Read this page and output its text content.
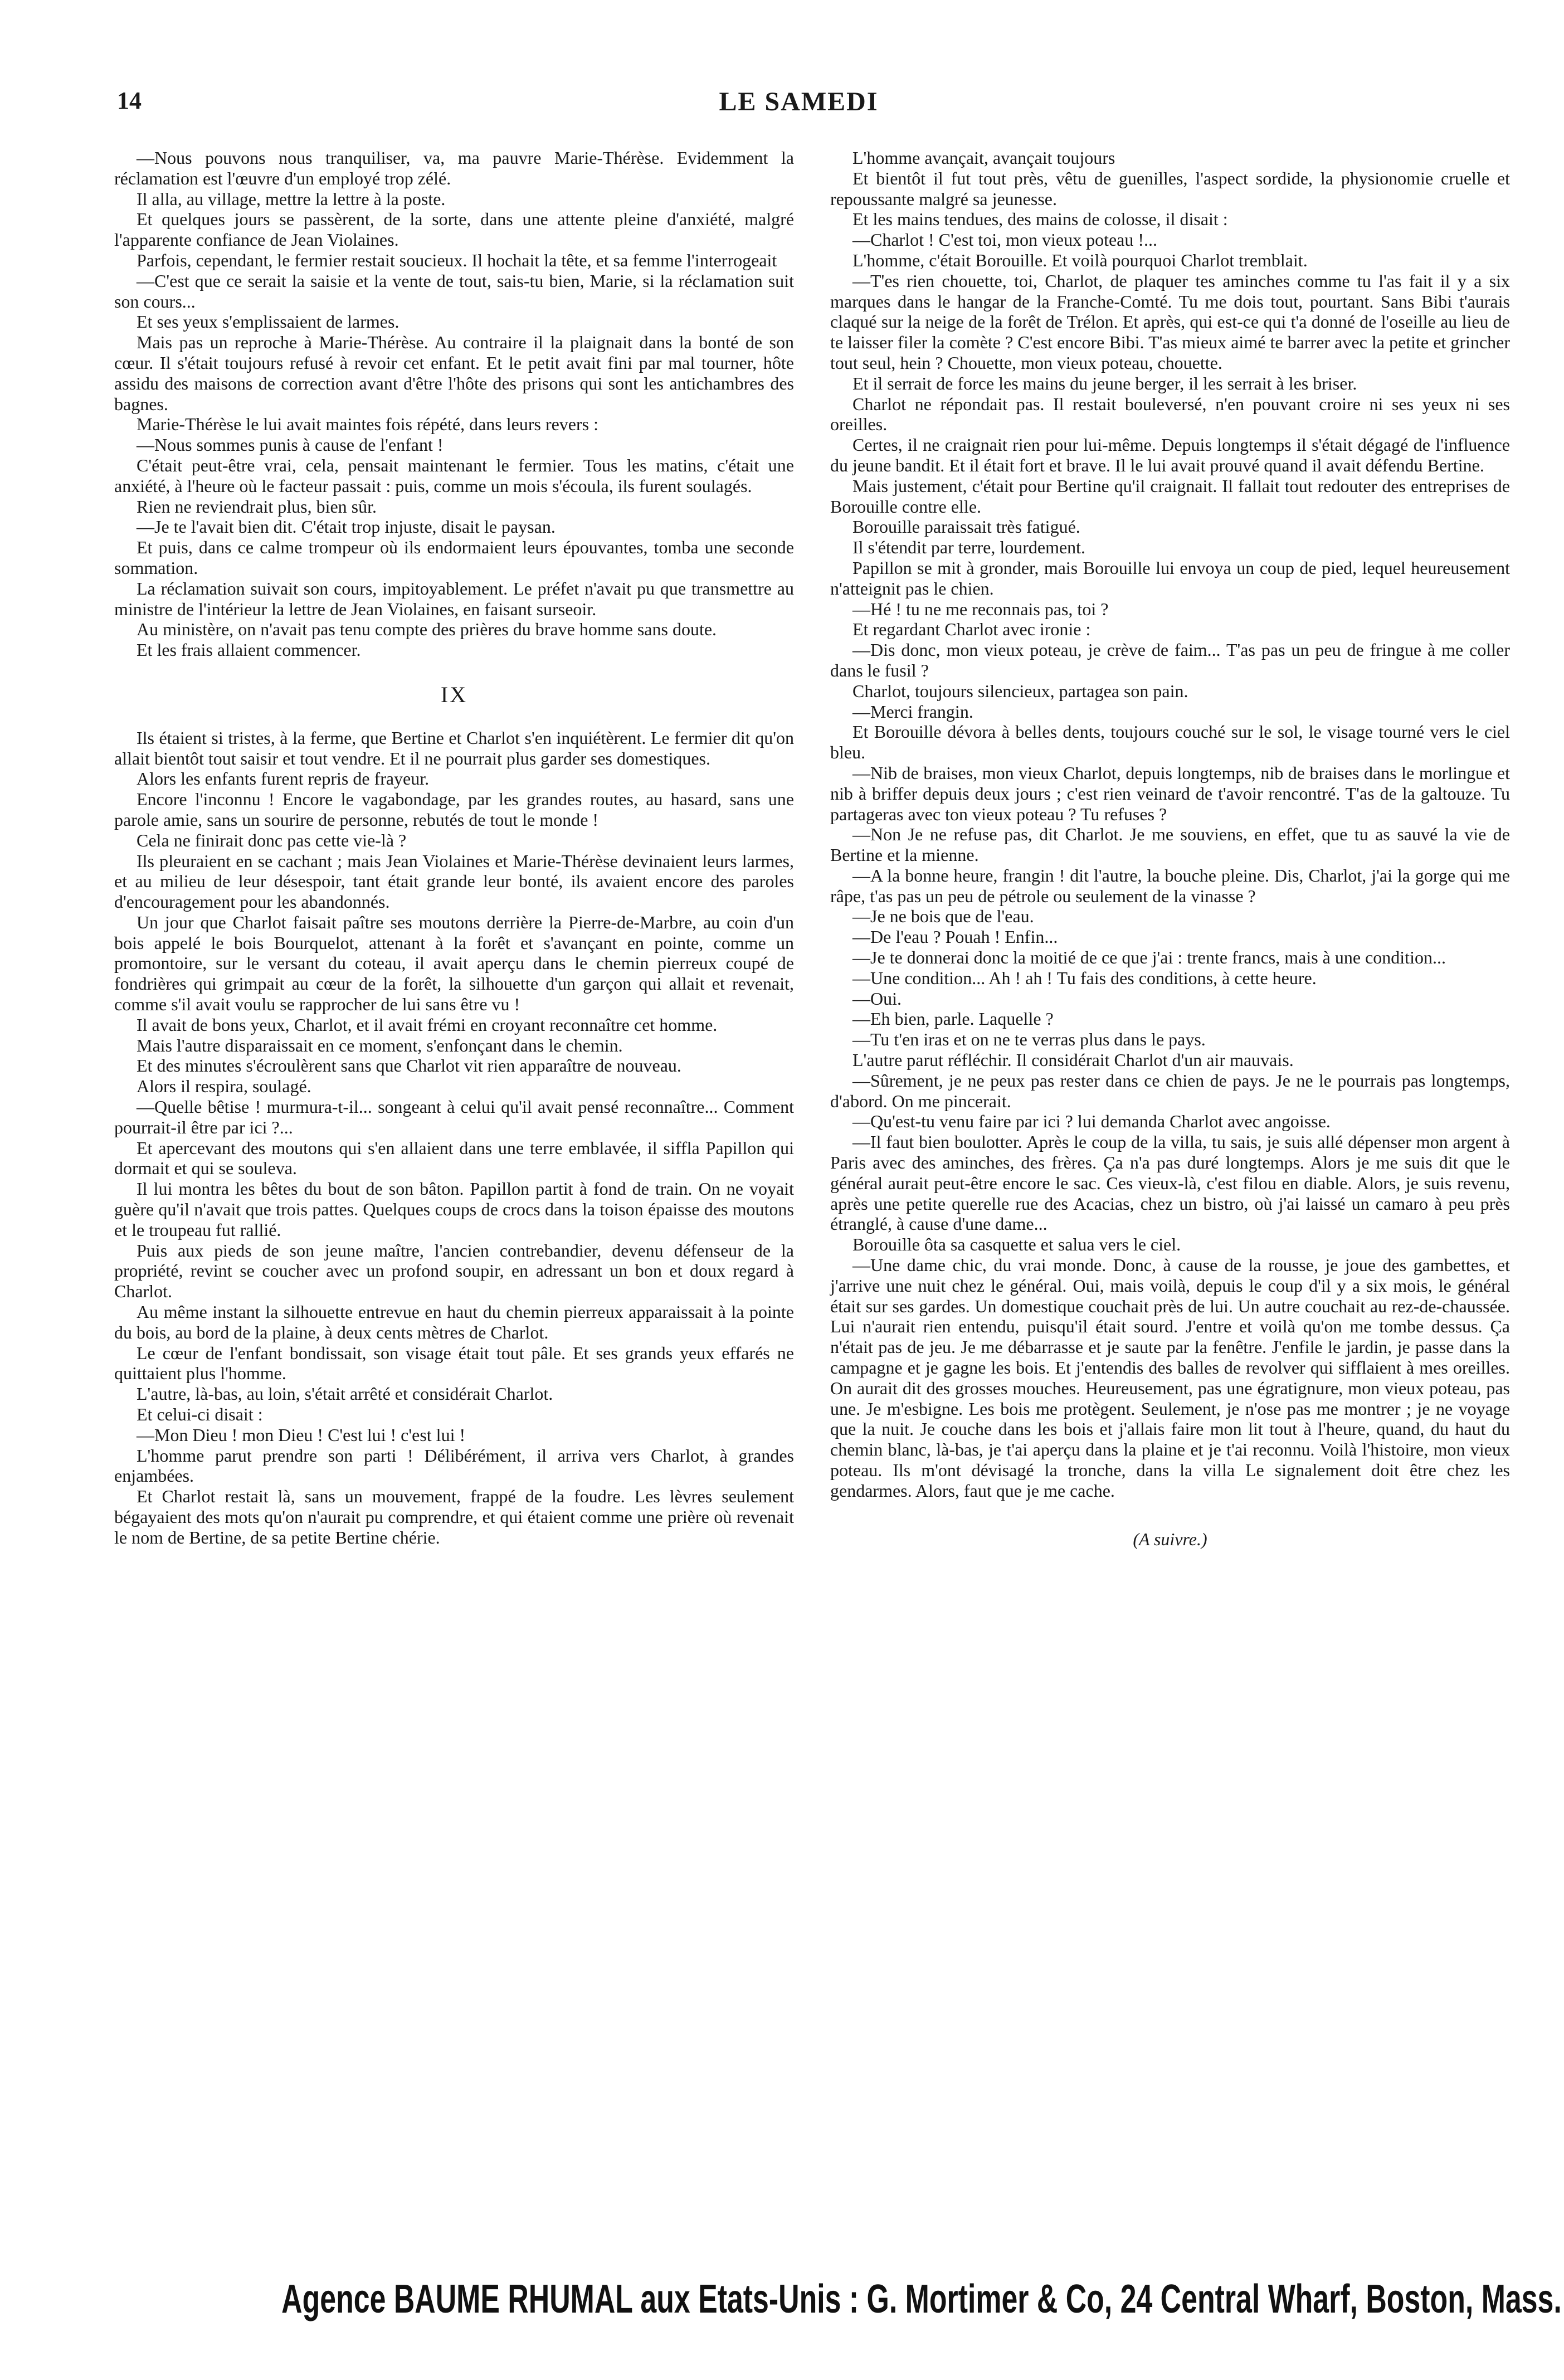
14	LE SAMEDI

—Nous pouvons nous tranquiliser, va, ma pauvre Marie-Thérèse. Evidemment la réclamation est l'œuvre d'un employé trop zélé.

Il alla, au village, mettre la lettre à la poste.

Et quelques jours se passèrent, de la sorte, dans une attente pleine d'anxiété, malgré l'apparente confiance de Jean Violaines.

Parfois, cependant, le fermier restait soucieux. Il hochait la tête, et sa femme l'interrogeait

—C'est que ce serait la saisie et la vente de tout, sais-tu bien, Marie, si la réclamation suit son cours...

Et ses yeux s'emplissaient de larmes.

Mais pas un reproche à Marie-Thérèse. Au contraire il la plaignait dans la bonté de son cœur. Il s'était toujours refusé à revoir cet enfant. Et le petit avait fini par mal tourner, hôte assidu des maisons de correction avant d'être l'hôte des prisons qui sont les antichambres des bagnes.

Marie-Thérèse le lui avait maintes fois répété, dans leurs revers :

—Nous sommes punis à cause de l'enfant !

C'était peut-être vrai, cela, pensait maintenant le fermier. Tous les matins, c'était une anxiété, à l'heure où le facteur passait : puis, comme un mois s'écoula, ils furent soulagés.

Rien ne reviendrait plus, bien sûr.

—Je te l'avait bien dit. C'était trop injuste, disait le paysan.

Et puis, dans ce calme trompeur où ils endormaient leurs épouvantes, tomba une seconde sommation.

La réclamation suivait son cours, impitoyablement. Le préfet n'avait pu que transmettre au ministre de l'intérieur la lettre de Jean Violaines, en faisant surseoir.

Au ministère, on n'avait pas tenu compte des prières du brave homme sans doute.

Et les frais allaient commencer.

IX

Ils étaient si tristes, à la ferme, que Bertine et Charlot s'en inquiétèrent. Le fermier dit qu'on allait bientôt tout saisir et tout vendre. Et il ne pourrait plus garder ses domestiques.

Alors les enfants furent repris de frayeur.

Encore l'inconnu ! Encore le vagabondage, par les grandes routes, au hasard, sans une parole amie, sans un sourire de personne, rebutés de tout le monde !

Cela ne finirait donc pas cette vie-là ?

Ils pleuraient en se cachant ; mais Jean Violaines et Marie-Thérèse devinaient leurs larmes, et au milieu de leur désespoir, tant était grande leur bonté, ils avaient encore des paroles d'encouragement pour les abandonnés.

Un jour que Charlot faisait paître ses moutons derrière la Pierre-de-Marbre, au coin d'un bois appelé le bois Bourquelot, attenant à la forêt et s'avançant en pointe, comme un promontoire, sur le versant du coteau, il avait aperçu dans le chemin pierreux coupé de fondrières qui grimpait au cœur de la forêt, la silhouette d'un garçon qui allait et revenait, comme s'il avait voulu se rapprocher de lui sans être vu !

Il avait de bons yeux, Charlot, et il avait frémi en croyant reconnaître cet homme.

Mais l'autre disparaissait en ce moment, s'enfonçant dans le chemin.

Et des minutes s'écroulèrent sans que Charlot vit rien apparaître de nouveau.

Alors il respira, soulagé.

—Quelle bêtise ! murmura-t-il... songeant à celui qu'il avait pensé reconnaître... Comment pourrait-il être par ici ?...

Et apercevant des moutons qui s'en allaient dans une terre emblavée, il siffla Papillon qui dormait et qui se souleva.

Il lui montra les bêtes du bout de son bâton. Papillon partit à fond de train. On ne voyait guère qu'il n'avait que trois pattes. Quelques coups de crocs dans la toison épaisse des moutons et le troupeau fut rallié.

Puis aux pieds de son jeune maître, l'ancien contrebandier, devenu défenseur de la propriété, revint se coucher avec un profond soupir, en adressant un bon et doux regard à Charlot.

Au même instant la silhouette entrevue en haut du chemin pierreux apparaissait à la pointe du bois, au bord de la plaine, à deux cents mètres de Charlot.

Le cœur de l'enfant bondissait, son visage était tout pâle. Et ses grands yeux effarés ne quittaient plus l'homme.

L'autre, là-bas, au loin, s'était arrêté et considérait Charlot.

Et celui-ci disait :

—Mon Dieu ! mon Dieu ! C'est lui ! c'est lui !

L'homme parut prendre son parti ! Délibérément, il arriva vers Charlot, à grandes enjambées.

Et Charlot restait là, sans un mouvement, frappé de la foudre. Les lèvres seulement bégayaient des mots qu'on n'aurait pu comprendre, et qui étaient comme une prière où revenait le nom de Bertine, de sa petite Bertine chérie.

L'homme avançait, avançait toujours

Et bientôt il fut tout près, vêtu de guenilles, l'aspect sordide, la physionomie cruelle et repoussante malgré sa jeunesse.

Et les mains tendues, des mains de colosse, il disait :

—Charlot ! C'est toi, mon vieux poteau !...

L'homme, c'était Borouille. Et voilà pourquoi Charlot tremblait.

—T'es rien chouette, toi, Charlot, de plaquer tes aminches comme tu l'as fait il y a six marques dans le hangar de la Franche-Comté. Tu me dois tout, pourtant. Sans Bibi t'aurais claqué sur la neige de la forêt de Trélon. Et après, qui est-ce qui t'a donné de l'oseille au lieu de te laisser filer la comète ? C'est encore Bibi. T'as mieux aimé te barrer avec la petite et grincher tout seul, hein ? Chouette, mon vieux poteau, chouette.

Et il serrait de force les mains du jeune berger, il les serrait à les briser.

Charlot ne répondait pas. Il restait bouleversé, n'en pouvant croire ni ses yeux ni ses oreilles.

Certes, il ne craignait rien pour lui-même. Depuis longtemps il s'était dégagé de l'influence du jeune bandit. Et il était fort et brave. Il le lui avait prouvé quand il avait défendu Bertine.

Mais justement, c'était pour Bertine qu'il craignait. Il fallait tout redouter des entreprises de Borouille contre elle.

Borouille paraissait très fatigué.

Il s'étendit par terre, lourdement.

Papillon se mit à gronder, mais Borouille lui envoya un coup de pied, lequel heureusement n'atteignit pas le chien.

—Hé ! tu ne me reconnais pas, toi ?

Et regardant Charlot avec ironie :

—Dis donc, mon vieux poteau, je crève de faim... T'as pas un peu de fringue à me coller dans le fusil ?

Charlot, toujours silencieux, partagea son pain.

—Merci frangin.

Et Borouille dévora à belles dents, toujours couché sur le sol, le visage tourné vers le ciel bleu.

—Nib de braises, mon vieux Charlot, depuis longtemps, nib de braises dans le morlingue et nib à briffer depuis deux jours ; c'est rien veinard de t'avoir rencontré. T'as de la galtouze. Tu partageras avec ton vieux poteau ? Tu refuses ?

—Non Je ne refuse pas, dit Charlot. Je me souviens, en effet, que tu as sauvé la vie de Bertine et la mienne.

—A la bonne heure, frangin ! dit l'autre, la bouche pleine. Dis, Charlot, j'ai la gorge qui me râpe, t'as pas un peu de pétrole ou seulement de la vinasse ?

—Je ne bois que de l'eau.

—De l'eau ? Pouah ! Enfin...

—Je te donnerai donc la moitié de ce que j'ai : trente francs, mais à une condition...

—Une condition... Ah ! ah ! Tu fais des conditions, à cette heure.

—Oui.

—Eh bien, parle. Laquelle ?

—Tu t'en iras et on ne te verras plus dans le pays.

L'autre parut réfléchir. Il considérait Charlot d'un air mauvais.

—Sûrement, je ne peux pas rester dans ce chien de pays. Je ne le pourrais pas longtemps, d'abord. On me pincerait.

—Qu'est-tu venu faire par ici ? lui demanda Charlot avec angoisse.

—Il faut bien boulotter. Après le coup de la villa, tu sais, je suis allé dépenser mon argent à Paris avec des aminches, des frères. Ça n'a pas duré longtemps. Alors je me suis dit que le général aurait peut-être encore le sac. Ces vieux-là, c'est filou en diable. Alors, je suis revenu, après une petite querelle rue des Acacias, chez un bistro, où j'ai laissé un camaro à peu près étranglé, à cause d'une dame...

Borouille ôta sa casquette et salua vers le ciel.

—Une dame chic, du vrai monde. Donc, à cause de la rousse, je joue des gambettes, et j'arrive une nuit chez le général. Oui, mais voilà, depuis le coup d'il y a six mois, le général était sur ses gardes. Un domestique couchait près de lui. Un autre couchait au rez-de-chaussée. Lui n'aurait rien entendu, puisqu'il était sourd. J'entre et voilà qu'on me tombe dessus. Ça n'était pas de jeu. Je me débarrasse et je saute par la fenêtre. J'enfile le jardin, je passe dans la campagne et je gagne les bois. Et j'entendis des balles de revolver qui sifflaient à mes oreilles. On aurait dit des grosses mouches. Heureusement, pas une égratignure, mon vieux poteau, pas une. Je m'esbigne. Les bois me protègent. Seulement, je n'ose pas me montrer ; je ne voyage que la nuit. Je couche dans les bois et j'allais faire mon lit tout à l'heure, quand, du haut du chemin blanc, là-bas, je t'ai aperçu dans la plaine et je t'ai reconnu. Voilà l'histoire, mon vieux poteau. Ils m'ont dévisagé la tronche, dans la villa Le signalement doit être chez les gendarmes. Alors, faut que je me cache.

(A suivre.)

Agence BAUME RHUMAL aux Etats-Unis : G. Mortimer & Co, 24 Central Wharf, Boston, Mass.
